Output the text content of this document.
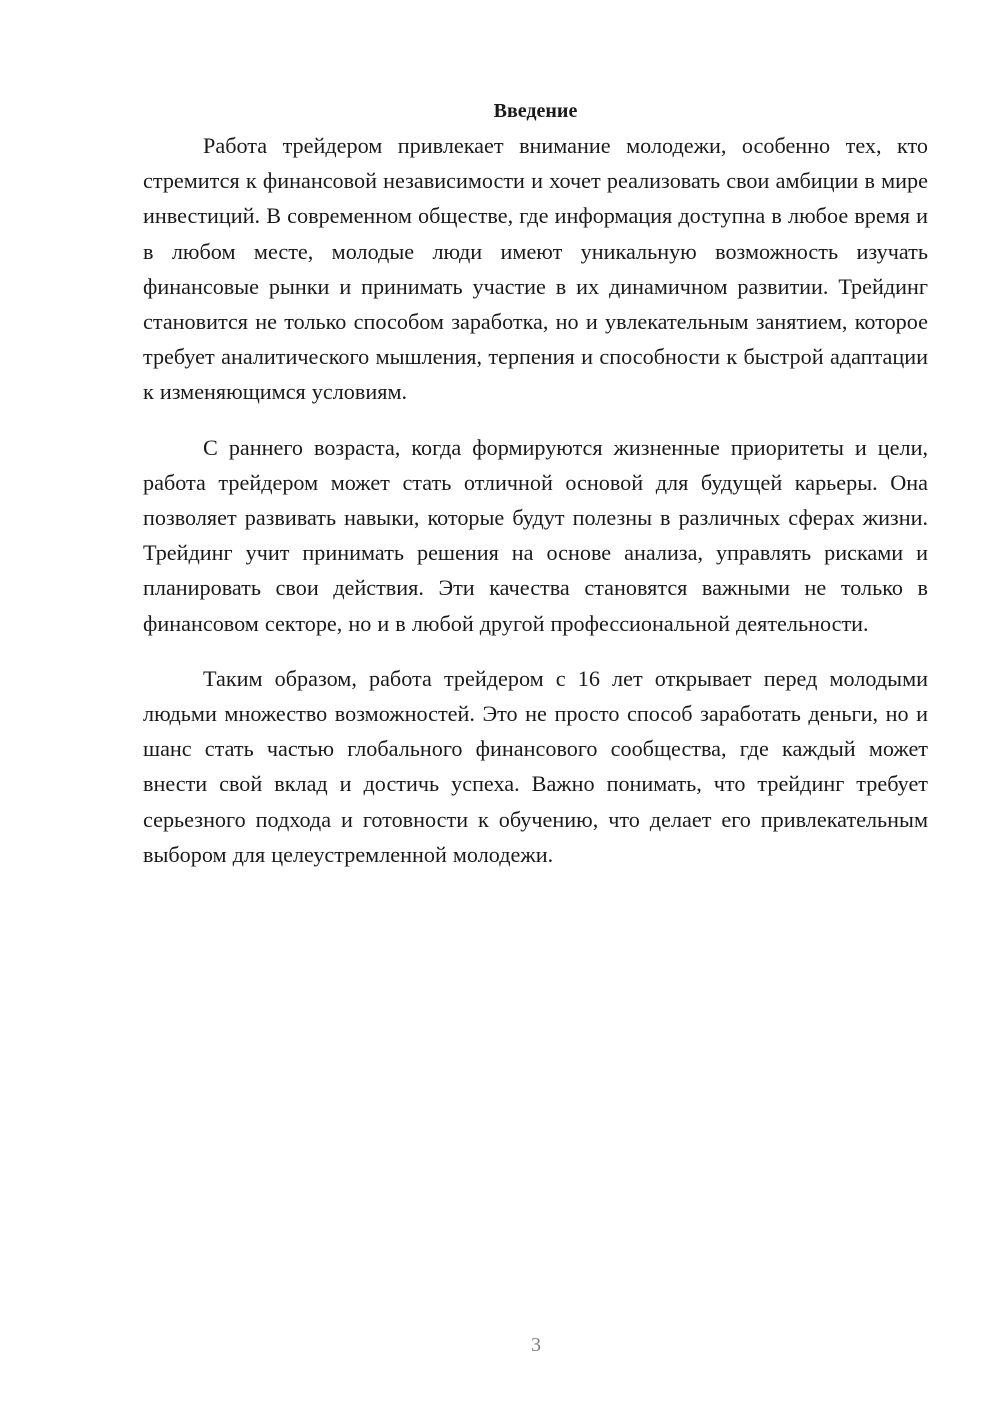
Введение

Работа трейдером привлекает внимание молодежи, особенно тех, кто стремится к финансовой независимости и хочет реализовать свои амбиции в мире инвестиций. В современном обществе, где информация доступна в любое время и в любом месте, молодые люди имеют уникальную возможность изучать финансовые рынки и принимать участие в их динамичном развитии. Трейдинг становится не только способом заработка, но и увлекательным занятием, которое требует аналитического мышления, терпения и способности к быстрой адаптации к изменяющимся условиям.

С раннего возраста, когда формируются жизненные приоритеты и цели, работа трейдером может стать отличной основой для будущей карьеры. Она позволяет развивать навыки, которые будут полезны в различных сферах жизни. Трейдинг учит принимать решения на основе анализа, управлять рисками и планировать свои действия. Эти качества становятся важными не только в финансовом секторе, но и в любой другой профессиональной деятельности.

Таким образом, работа трейдером с 16 лет открывает перед молодыми людьми множество возможностей. Это не просто способ заработать деньги, но и шанс стать частью глобального финансового сообщества, где каждый может внести свой вклад и достичь успеха. Важно понимать, что трейдинг требует серьезного подхода и готовности к обучению, что делает его привлекательным выбором для целеустремленной молодежи.

3
